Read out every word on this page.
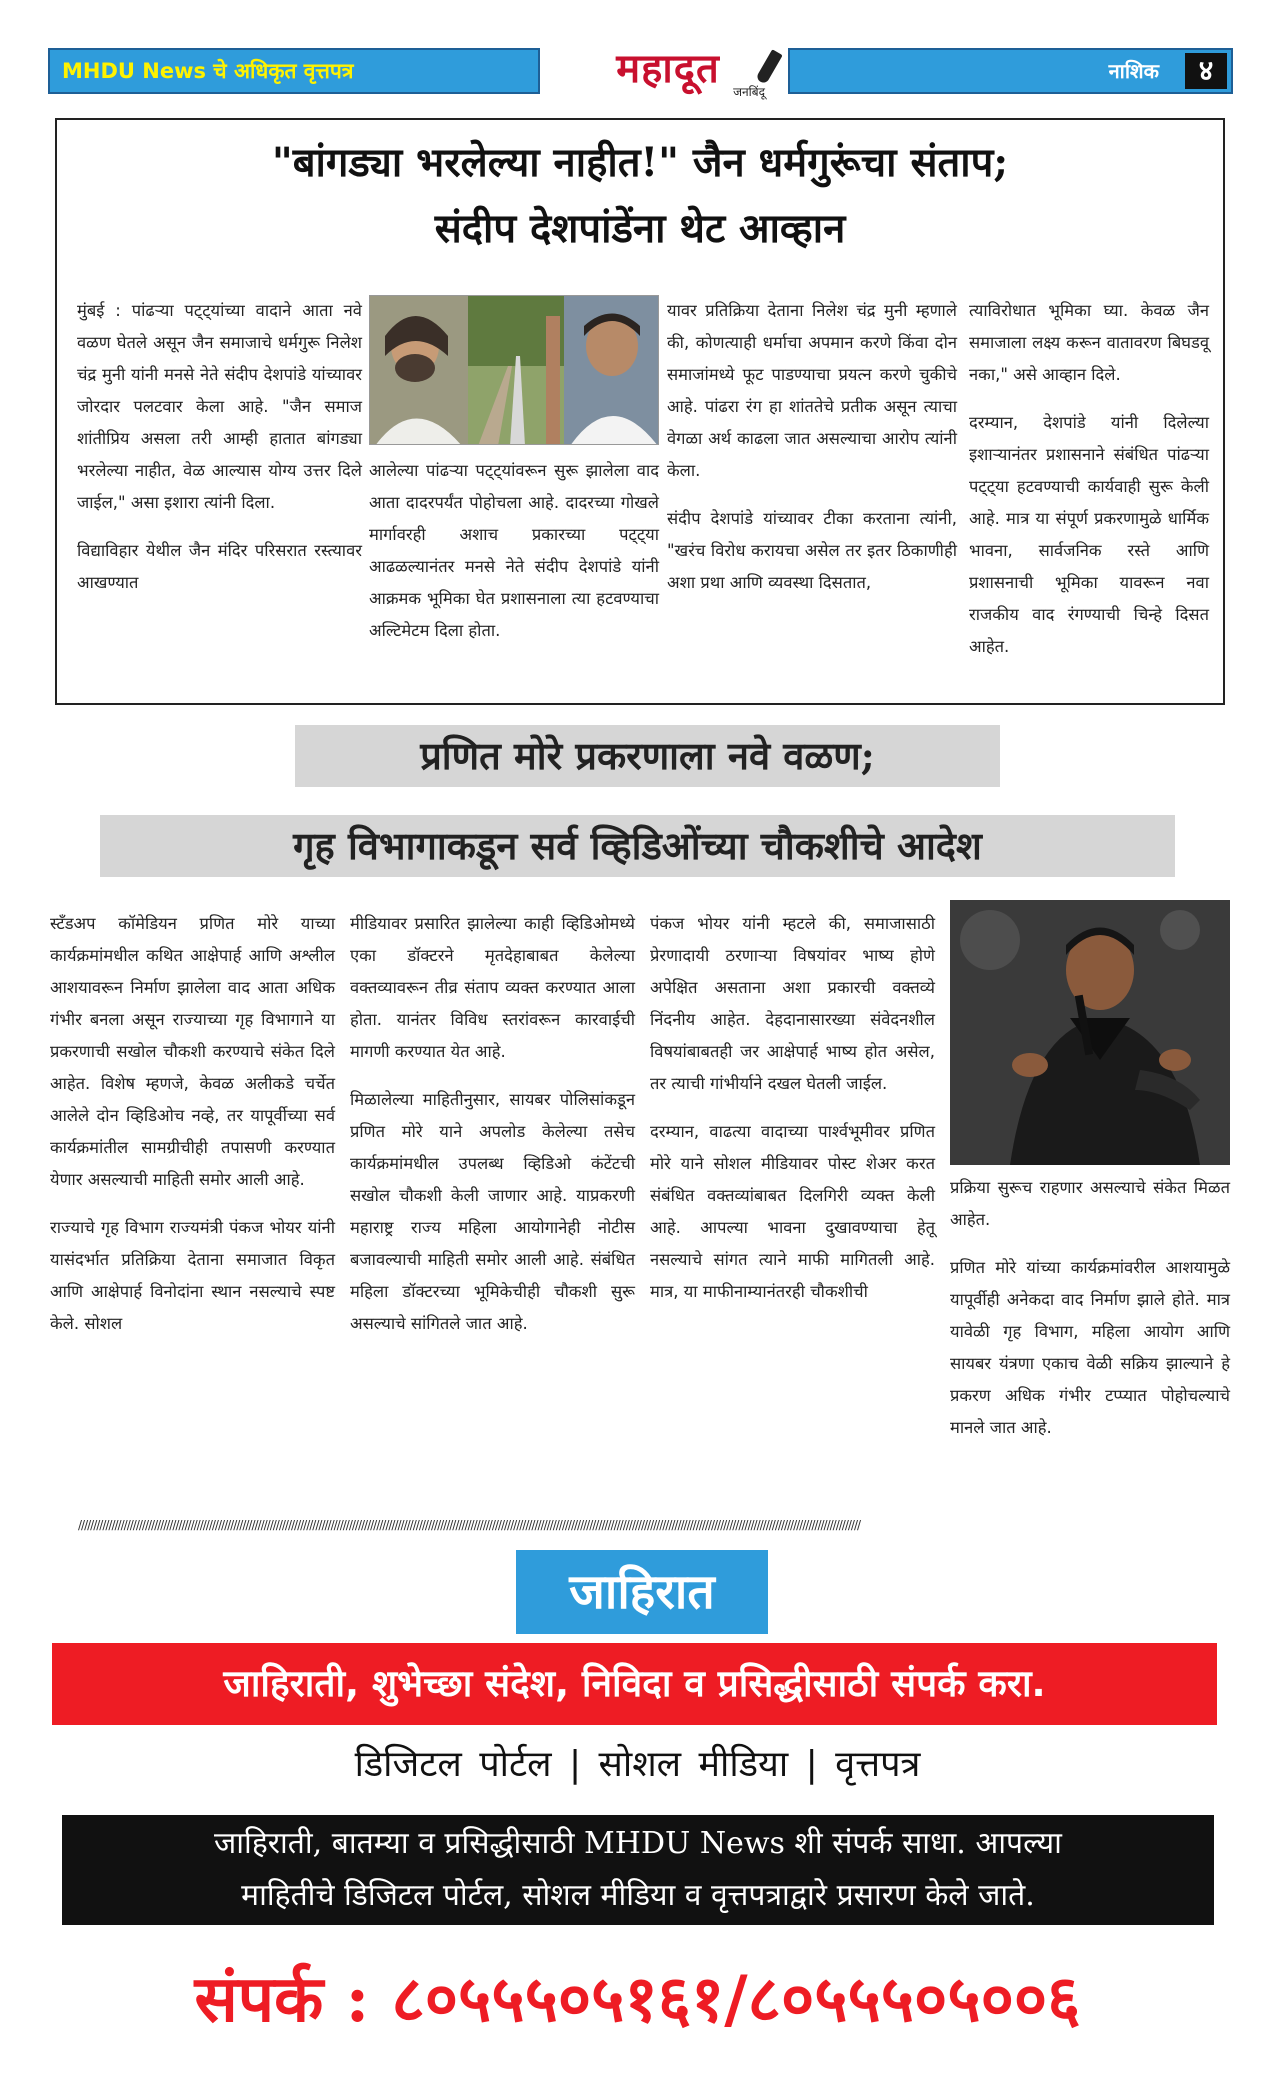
MHDU News चे अधिकृत वृत्तपत्र	महादूत	जनबिंदू
नाशिक	४
"बांगड्या भरलेल्या नाहीत!" जैन धर्मगुरूंचा संताप;
संदीप देशपांडेंना थेट आव्हान

मुंबई : पांढऱ्या पट्ट्यांच्या वादाने आता नवे वळण घेतले असून जैन समाजाचे धर्मगुरू निलेश चंद्र मुनी यांनी मनसे नेते संदीप देशपांडे यांच्यावर जोरदार पलटवार केला आहे. "जैन समाज शांतीप्रिय असला तरी आम्ही हातात बांगड्या भरलेल्या नाहीत, वेळ आल्यास योग्य उत्तर दिले जाईल," असा इशारा त्यांनी दिला.

विद्याविहार येथील जैन मंदिर परिसरात रस्त्यावर आखण्यात

आलेल्या पांढऱ्या पट्ट्यांवरून सुरू झालेला वाद आता दादरपर्यंत पोहोचला आहे. दादरच्या गोखले मार्गावरही अशाच प्रकारच्या पट्ट्या आढळल्यानंतर मनसे नेते संदीप देशपांडे यांनी आक्रमक भूमिका घेत प्रशासनाला त्या हटवण्याचा अल्टिमेटम दिला होता.

यावर प्रतिक्रिया देताना निलेश चंद्र मुनी म्हणाले की, कोणत्याही धर्माचा अपमान करणे किंवा दोन समाजांमध्ये फूट पाडण्याचा प्रयत्न करणे चुकीचे आहे. पांढरा रंग हा शांततेचे प्रतीक असून त्याचा वेगळा अर्थ काढला जात असल्याचा आरोप त्यांनी केला.

संदीप देशपांडे यांच्यावर टीका करताना त्यांनी, "खरंच विरोध करायचा असेल तर इतर ठिकाणीही अशा प्रथा आणि व्यवस्था दिसतात,

त्याविरोधात भूमिका घ्या. केवळ जैन समाजाला लक्ष्य करून वातावरण बिघडवू नका," असे आव्हान दिले.

दरम्यान, देशपांडे यांनी दिलेल्या इशाऱ्यानंतर प्रशासनाने संबंधित पांढऱ्या पट्ट्या हटवण्याची कार्यवाही सुरू केली आहे. मात्र या संपूर्ण प्रकरणामुळे धार्मिक भावना, सार्वजनिक रस्ते आणि प्रशासनाची भूमिका यावरून नवा राजकीय वाद रंगण्याची चिन्हे दिसत आहेत.

प्रणित मोरे प्रकरणाला नवे वळण;
गृह विभागाकडून सर्व व्हिडिओंच्या चौकशीचे आदेश

स्टँडअप कॉमेडियन प्रणित मोरे याच्या कार्यक्रमांमधील कथित आक्षेपार्ह आणि अश्लील आशयावरून निर्माण झालेला वाद आता अधिक गंभीर बनला असून राज्याच्या गृह विभागाने या प्रकरणाची सखोल चौकशी करण्याचे संकेत दिले आहेत. विशेष म्हणजे, केवळ अलीकडे चर्चेत आलेले दोन व्हिडिओच नव्हे, तर यापूर्वीच्या सर्व कार्यक्रमांतील सामग्रीचीही तपासणी करण्यात येणार असल्याची माहिती समोर आली आहे.

राज्याचे गृह विभाग राज्यमंत्री पंकज भोयर यांनी यासंदर्भात प्रतिक्रिया देताना समाजात विकृत आणि आक्षेपार्ह विनोदांना स्थान नसल्याचे स्पष्ट केले. सोशल

मीडियावर प्रसारित झालेल्या काही व्हिडिओमध्ये एका डॉक्टरने मृतदेहाबाबत केलेल्या वक्तव्यावरून तीव्र संताप व्यक्त करण्यात आला होता. यानंतर विविध स्तरांवरून कारवाईची मागणी करण्यात येत आहे.

मिळालेल्या माहितीनुसार, सायबर पोलिसांकडून प्रणित मोरे याने अपलोड केलेल्या तसेच कार्यक्रमांमधील उपलब्ध व्हिडिओ कंटेंटची सखोल चौकशी केली जाणार आहे. याप्रकरणी महाराष्ट्र राज्य महिला आयोगानेही नोटीस बजावल्याची माहिती समोर आली आहे. संबंधित महिला डॉक्टरच्या भूमिकेचीही चौकशी सुरू असल्याचे सांगितले जात आहे.

पंकज भोयर यांनी म्हटले की, समाजासाठी प्रेरणादायी ठरणाऱ्या विषयांवर भाष्य होणे अपेक्षित असताना अशा प्रकारची वक्तव्ये निंदनीय आहेत. देहदानासारख्या संवेदनशील विषयांबाबतही जर आक्षेपार्ह भाष्य होत असेल, तर त्याची गांभीर्याने दखल घेतली जाईल.

दरम्यान, वाढत्या वादाच्या पार्श्वभूमीवर प्रणित मोरे याने सोशल मीडियावर पोस्ट शेअर करत संबंधित वक्तव्यांबाबत दिलगिरी व्यक्त केली आहे. आपल्या भावना दुखावण्याचा हेतू नसल्याचे सांगत त्याने माफी मागितली आहे. मात्र, या माफीनाम्यानंतरही चौकशीची

प्रक्रिया सुरूच राहणार असल्याचे संकेत मिळत आहेत.

प्रणित मोरे यांच्या कार्यक्रमांवरील आशयामुळे यापूर्वीही अनेकदा वाद निर्माण झाले होते. मात्र यावेळी गृह विभाग, महिला आयोग आणि सायबर यंत्रणा एकाच वेळी सक्रिय झाल्याने हे प्रकरण अधिक गंभीर टप्प्यात पोहोचल्याचे मानले जात आहे.

/////////////////////////////////////////////////////////////////////////////////////////////////////////////////////////////////////////////////////////////////////////////////////////////////////////////////////////////////////////////////////////////////
जाहिरात
जाहिराती, शुभेच्छा संदेश, निविदा व प्रसिद्धीसाठी संपर्क करा.
डिजिटल पोर्टल | सोशल मीडिया | वृत्तपत्र
जाहिराती, बातम्या व प्रसिद्धीसाठी MHDU News शी संपर्क साधा. आपल्या
माहितीचे डिजिटल पोर्टल, सोशल मीडिया व वृत्तपत्राद्वारे प्रसारण केले जाते.
संपर्क : ८०५५५०५१६१/८०५५५०५००६
